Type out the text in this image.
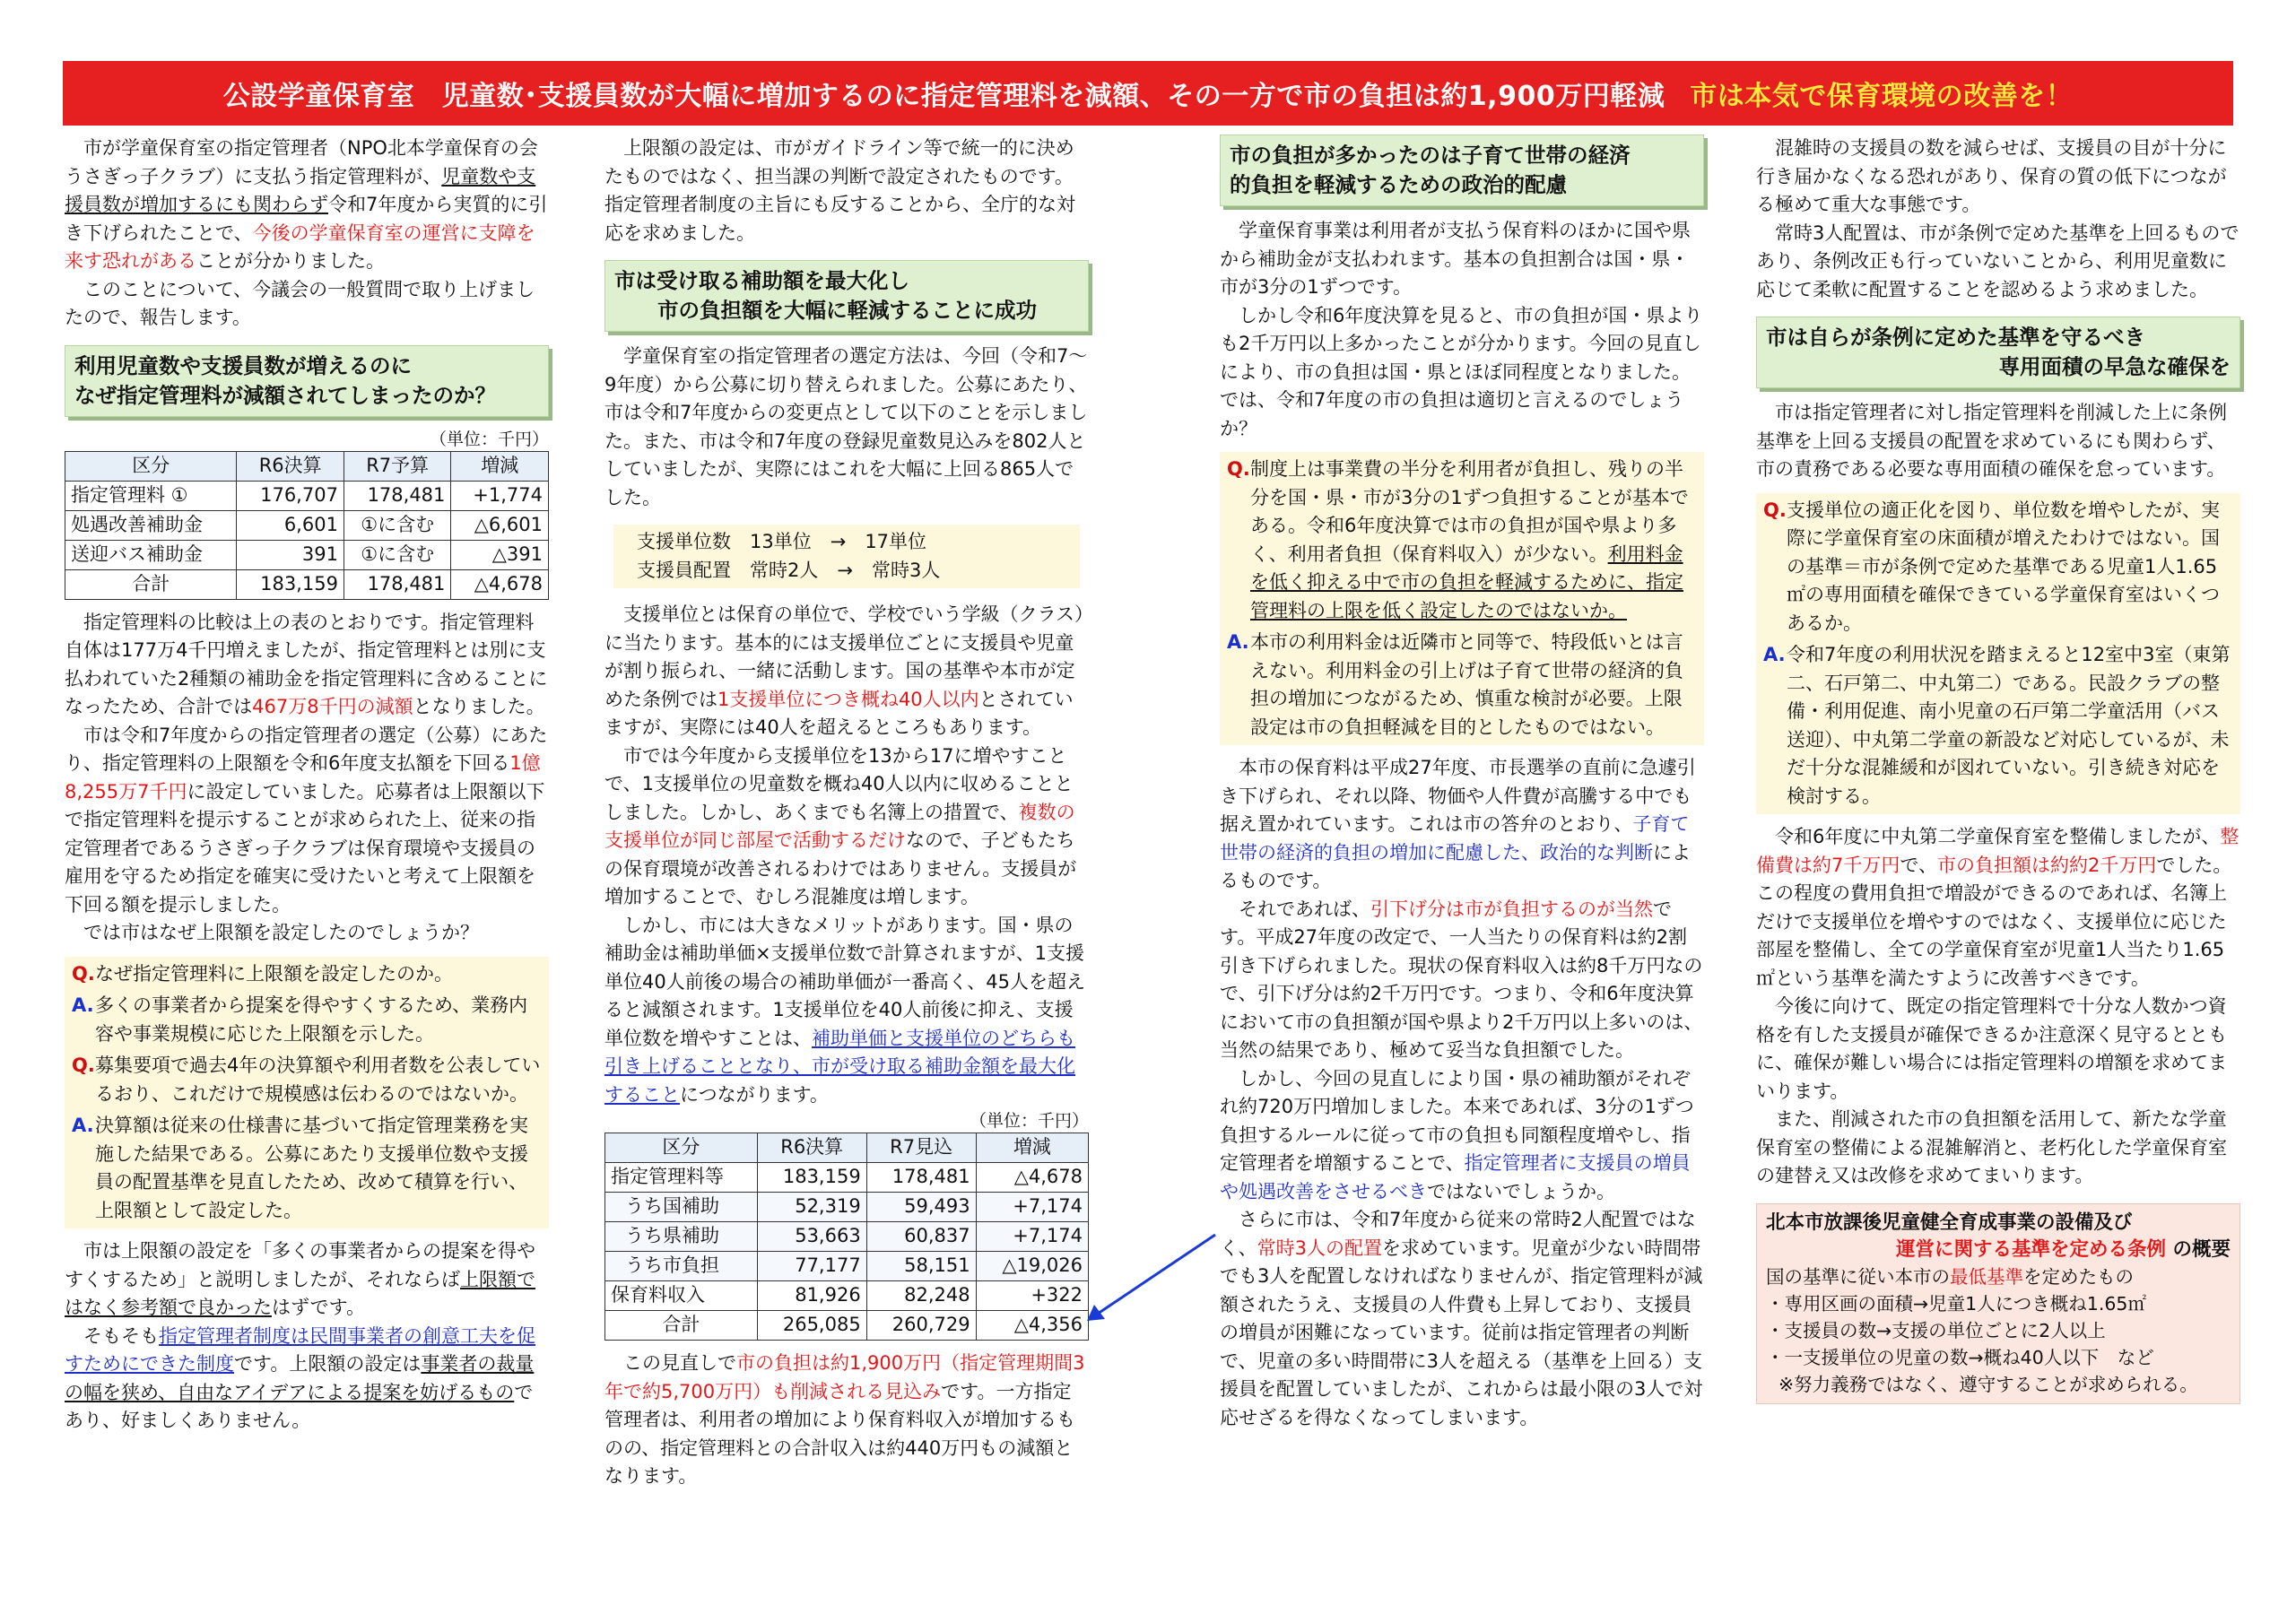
公設学童保育室　児童数･支援員数が大幅に増加するのに指定管理料を減額、その一方で市の負担は約1,900万円軽減 市は本気で保育環境の改善を！

市が学童保育室の指定管理者（NPO北本学童保育の会うさぎっ子クラブ）に支払う指定管理料が、児童数や支援員数が増加するにも関わらず令和7年度から実質的に引き下げられたことで、今後の学童保育室の運営に支障を来す恐れがあることが分かりました。

このことについて、今議会の一般質問で取り上げましたので、報告します。

利用児童数や支援員数が増えるのに
なぜ指定管理料が減額されてしまったのか？
（単位：千円）
区分	R6決算	R7予算	増減
指定管理料 ①	176,707	178,481	+1,774
処遇改善補助金	6,601	①に含む	△6,601
送迎バス補助金	391	①に含む	△391
合計	183,159	178,481	△4,678

指定管理料の比較は上の表のとおりです。指定管理料自体は177万4千円増えましたが、指定管理料とは別に支払われていた2種類の補助金を指定管理料に含めることになったため、合計では467万8千円の減額となりました。

市は令和7年度からの指定管理者の選定（公募）にあたり、指定管理料の上限額を令和6年度支払額を下回る1億8,255万7千円に設定していました。応募者は上限額以下で指定管理料を提示することが求められた上、従来の指定管理者であるうさぎっ子クラブは保育環境や支援員の雇用を守るため指定を確実に受けたいと考えて上限額を下回る額を提示しました。

では市はなぜ上限額を設定したのでしょうか？

Q. なぜ指定管理料に上限額を設定したのか。
A. 多くの事業者から提案を得やすくするため、業務内容や事業規模に応じた上限額を示した。
Q. 募集要項で過去4年の決算額や利用者数を公表しているおり、これだけで規模感は伝わるのではないか。
A. 決算額は従来の仕様書に基づいて指定管理業務を実施した結果である。公募にあたり支援単位数や支援員の配置基準を見直したため、改めて積算を行い、上限額として設定した。

市は上限額の設定を「多くの事業者からの提案を得やすくするため」と説明しましたが、それならば上限額ではなく参考額で良かったはずです。

そもそも指定管理者制度は民間事業者の創意工夫を促すためにできた制度です。上限額の設定は事業者の裁量の幅を狭め、自由なアイデアによる提案を妨げるものであり、好ましくありません。

上限額の設定は、市がガイドライン等で統一的に決めたものではなく、担当課の判断で設定されたものです。指定管理者制度の主旨にも反することから、全庁的な対応を求めました。

市は受け取る補助額を最大化し
市の負担額を大幅に軽減することに成功

学童保育室の指定管理者の選定方法は、今回（令和7～9年度）から公募に切り替えられました。公募にあたり、市は令和7年度からの変更点として以下のことを示しました。また、市は令和7年度の登録児童数見込みを802人としていましたが、実際にはこれを大幅に上回る865人でした。

支援単位数　13単位　→　17単位
支援員配置　常時2人　→　常時3人

支援単位とは保育の単位で、学校でいう学級（クラス）に当たります。基本的には支援単位ごとに支援員や児童が割り振られ、一緒に活動します。国の基準や本市が定めた条例では1支援単位につき概ね40人以内とされていますが、実際には40人を超えるところもあります。

市では今年度から支援単位を13から17に増やすことで、1支援単位の児童数を概ね40人以内に収めることとしました。しかし、あくまでも名簿上の措置で、複数の支援単位が同じ部屋で活動するだけなので、子どもたちの保育環境が改善されるわけではありません。支援員が増加することで、むしろ混雑度は増します。

しかし、市には大きなメリットがあります。国・県の補助金は補助単価×支援単位数で計算されますが、1支援単位40人前後の場合の補助単価が一番高く、45人を超えると減額されます。1支援単位を40人前後に抑え、支援単位数を増やすことは、補助単価と支援単位のどちらも引き上げることとなり、市が受け取る補助金額を最大化することにつながります。

（単位：千円）
区分	R6決算	R7見込	増減
指定管理料等	183,159	178,481	△4,678
うち国補助	52,319	59,493	+7,174
うち県補助	53,663	60,837	+7,174
うち市負担	77,177	58,151	△19,026
保育料収入	81,926	82,248	+322
合計	265,085	260,729	△4,356

この見直しで市の負担は約1,900万円（指定管理期間3年で約5,700万円）も削減される見込みです。一方指定管理者は、利用者の増加により保育料収入が増加するものの、指定管理料との合計収入は約440万円もの減額となります。

市の負担が多かったのは子育て世帯の経済
的負担を軽減するための政治的配慮

学童保育事業は利用者が支払う保育料のほかに国や県から補助金が支払われます。基本の負担割合は国・県・市が3分の1ずつです。

しかし令和6年度決算を見ると、市の負担が国・県よりも2千万円以上多かったことが分かります。今回の見直しにより、市の負担は国・県とほぼ同程度となりました。では、令和7年度の市の負担は適切と言えるのでしょうか？

Q. 制度上は事業費の半分を利用者が負担し、残りの半分を国・県・市が3分の1ずつ負担することが基本である。令和6年度決算では市の負担が国や県より多く、利用者負担（保育料収入）が少ない。利用料金を低く抑える中で市の負担を軽減するために、指定管理料の上限を低く設定したのではないか。
A. 本市の利用料金は近隣市と同等で、特段低いとは言えない。利用料金の引上げは子育て世帯の経済的負担の増加につながるため、慎重な検討が必要。上限設定は市の負担軽減を目的としたものではない。

本市の保育料は平成27年度、市長選挙の直前に急遽引き下げられ、それ以降、物価や人件費が高騰する中でも据え置かれています。これは市の答弁のとおり、子育て世帯の経済的負担の増加に配慮した、政治的な判断によるものです。

それであれば、引下げ分は市が負担するのが当然です。平成27年度の改定で、一人当たりの保育料は約2割引き下げられました。現状の保育料収入は約8千万円なので、引下げ分は約2千万円です。つまり、令和6年度決算において市の負担額が国や県より2千万円以上多いのは、当然の結果であり、極めて妥当な負担額でした。

しかし、今回の見直しにより国・県の補助額がそれぞれ約720万円増加しました。本来であれば、3分の1ずつ負担するルールに従って市の負担も同額程度増やし、指定管理者を増額することで、指定管理者に支援員の増員や処遇改善をさせるべきではないでしょうか。

さらに市は、令和7年度から従来の常時2人配置ではなく、常時3人の配置を求めています。児童が少ない時間帯でも3人を配置しなければなりませんが、指定管理料が減額されたうえ、支援員の人件費も上昇しており、支援員の増員が困難になっています。従前は指定管理者の判断で、児童の多い時間帯に3人を超える（基準を上回る）支援員を配置していましたが、これからは最小限の3人で対応せざるを得なくなってしまいます。

混雑時の支援員の数を減らせば、支援員の目が十分に行き届かなくなる恐れがあり、保育の質の低下につながる極めて重大な事態です。

常時3人配置は、市が条例で定めた基準を上回るものであり、条例改正も行っていないことから、利用児童数に応じて柔軟に配置することを認めるよう求めました。

市は自らが条例に定めた基準を守るべき
専用面積の早急な確保を

市は指定管理者に対し指定管理料を削減した上に条例基準を上回る支援員の配置を求めているにも関わらず、市の責務である必要な専用面積の確保を怠っています。

Q. 支援単位の適正化を図り、単位数を増やしたが、実際に学童保育室の床面積が増えたわけではない。国の基準＝市が条例で定めた基準である児童1人1.65㎡の専用面積を確保できている学童保育室はいくつあるか。
A. 令和7年度の利用状況を踏まえると12室中3室（東第二、石戸第二、中丸第二）である。民設クラブの整備・利用促進、南小児童の石戸第二学童活用（バス送迎）、中丸第二学童の新設など対応しているが、未だ十分な混雑緩和が図れていない。引き続き対応を検討する。

令和6年度に中丸第二学童保育室を整備しましたが、整備費は約7千万円で、市の負担額は約約2千万円でした。この程度の費用負担で増設ができるのであれば、名簿上だけで支援単位を増やすのではなく、支援単位に応じた部屋を整備し、全ての学童保育室が児童1人当たり1.65㎡という基準を満たすように改善すべきです。

今後に向けて、既定の指定管理料で十分な人数かつ資格を有した支援員が確保できるか注意深く見守るとともに、確保が難しい場合には指定管理料の増額を求めてまいります。

また、削減された市の負担額を活用して、新たな学童保育室の整備による混雑解消と、老朽化した学童保育室の建替え又は改修を求めてまいります。

北本市放課後児童健全育成事業の設備及び
運営に関する基準を定める条例 の概要
国の基準に従い本市の最低基準を定めたもの
・専用区画の面積→児童1人につき概ね1.65㎡
・支援員の数→支援の単位ごとに2人以上
・一支援単位の児童の数→概ね40人以下　など
※努力義務ではなく、遵守することが求められる。
